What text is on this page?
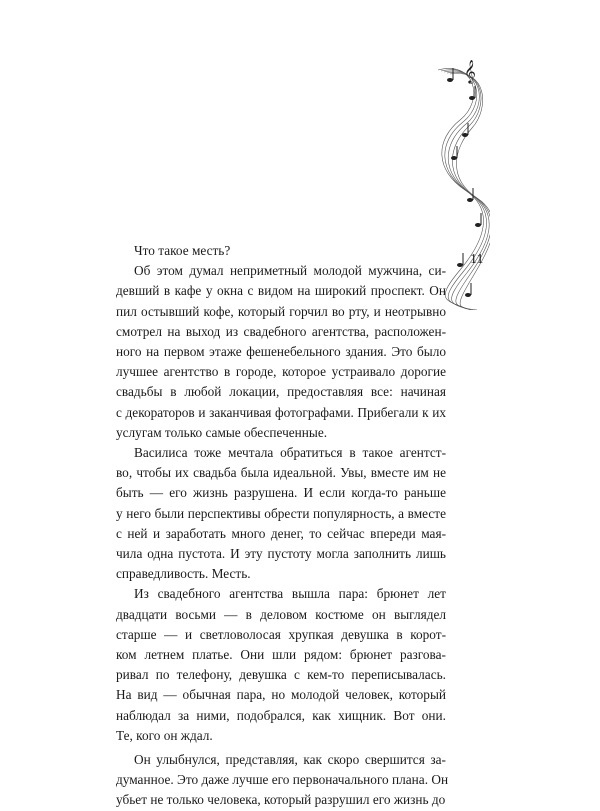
𝄞
11

Что такое месть?

Об этом думал неприметный молодой мужчина, си-
девший в кафе у окна с видом на широкий проспект. Он
пил остывший кофе, который горчил во рту, и неотрывно
смотрел на выход из свадебного агентства, расположен-
ного на первом этаже фешенебельного здания. Это было
лучшее агентство в городе, которое устраивало дорогие
свадьбы в любой локации, предоставляя все: начиная
с декораторов и заканчивая фотографами. Прибегали к их
услугам только самые обеспеченные.

Василиса тоже мечтала обратиться в такое агентст-
во, чтобы их свадьба была идеальной. Увы, вместе им не
быть — его жизнь разрушена. И если когда-то раньше
у него были перспективы обрести популярность, а вместе
с ней и заработать много денег, то сейчас впереди мая-
чила одна пустота. И эту пустоту могла заполнить лишь
справедливость. Месть.

Из свадебного агентства вышла пара: брюнет лет
двадцати восьми — в деловом костюме он выглядел
старше — и светловолосая хрупкая девушка в корот-
ком летнем платье. Они шли рядом: брюнет разгова-
ривал по телефону, девушка с кем-то переписывалась.
На вид — обычная пара, но молодой человек, который
наблюдал за ними, подобрался, как хищник. Вот они.
Те, кого он ждал.

Он улыбнулся, представляя, как скоро свершится за-
думанное. Это даже лучше его первоначального плана. Он
убьет не только человека, который разрушил его жизнь до
